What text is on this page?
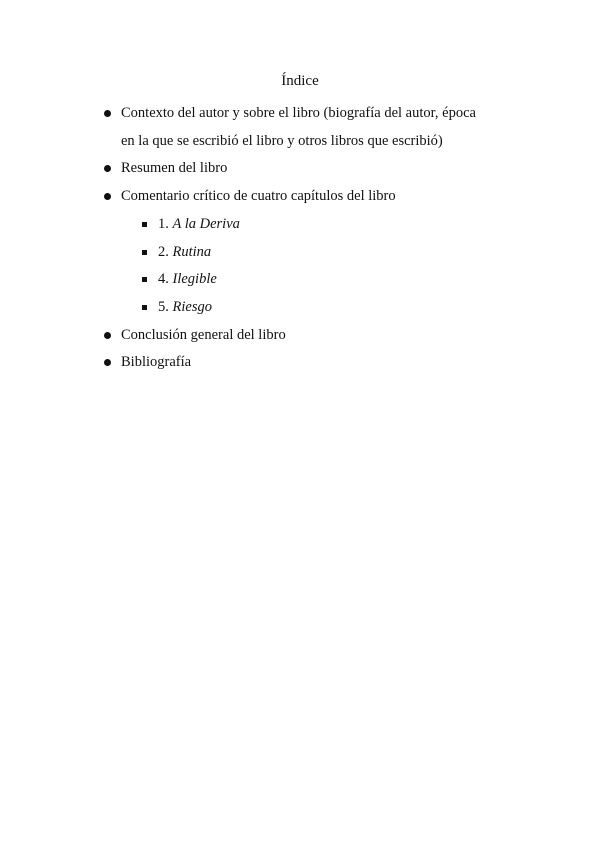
Índice
Contexto del autor y sobre el libro (biografía del autor, época en la que se escribió el libro y otros libros que escribió)
Resumen del libro
Comentario crítico de cuatro capítulos del libro
1. A la Deriva
2. Rutina
4. Ilegible
5. Riesgo
Conclusión general del libro
Bibliografía
